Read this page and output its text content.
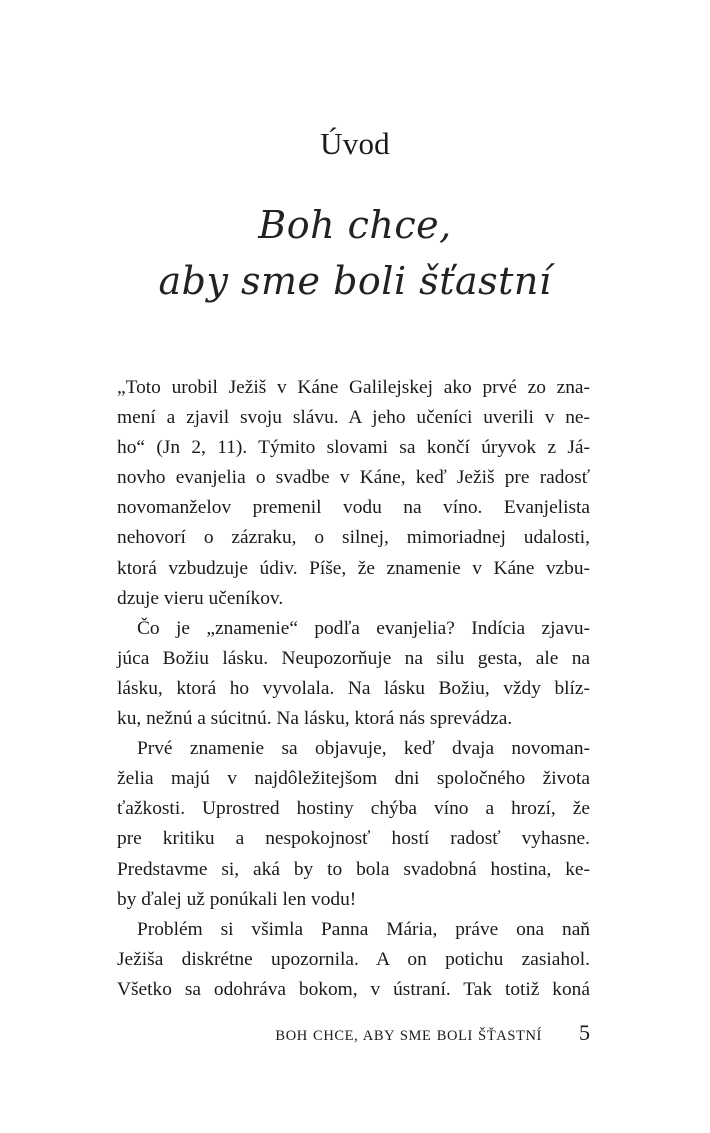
Úvod
Boh chce,
aby sme boli šťastní
„Toto urobil Ježiš v Káne Galilejskej ako prvé zo zna-
mení a zjavil svoju slávu. A jeho učeníci uverili v ne-
ho“ (Jn 2, 11). Týmito slovami sa končí úryvok z Já-
novho evanjelia o svadbe v Káne, keď Ježiš pre radosť
novomanželov premenil vodu na víno. Evanjelista
nehovorí o zázraku, o silnej, mimoriadnej udalosti,
ktorá vzbudzuje údiv. Píše, že znamenie v Káne vzbu-
dzuje vieru učeníkov.
Čo je „znamenie“ podľa evanjelia? Indícia zjavu-
júca Božiu lásku. Neupozorňuje na silu gesta, ale na
lásku, ktorá ho vyvolala. Na lásku Božiu, vždy blíz-
ku, nežnú a súcitnú. Na lásku, ktorá nás sprevádza.
Prvé znamenie sa objavuje, keď dvaja novoman-
želia majú v najdôležitejšom dni spoločného života
ťažkosti. Uprostred hostiny chýba víno a hrozí, že
pre kritiku a nespokojnosť hostí radosť vyhasne.
Predstavme si, aká by to bola svadobná hostina, ke-
by ďalej už ponúkali len vodu!
Problém si všimla Panna Mária, práve ona naň
Ježiša diskrétne upozornila. A on potichu zasiahol.
Všetko sa odohráva bokom, v ústraní. Tak totiž koná
BOH CHCE, ABY SME BOLI ŠŤASTNÍ 5
